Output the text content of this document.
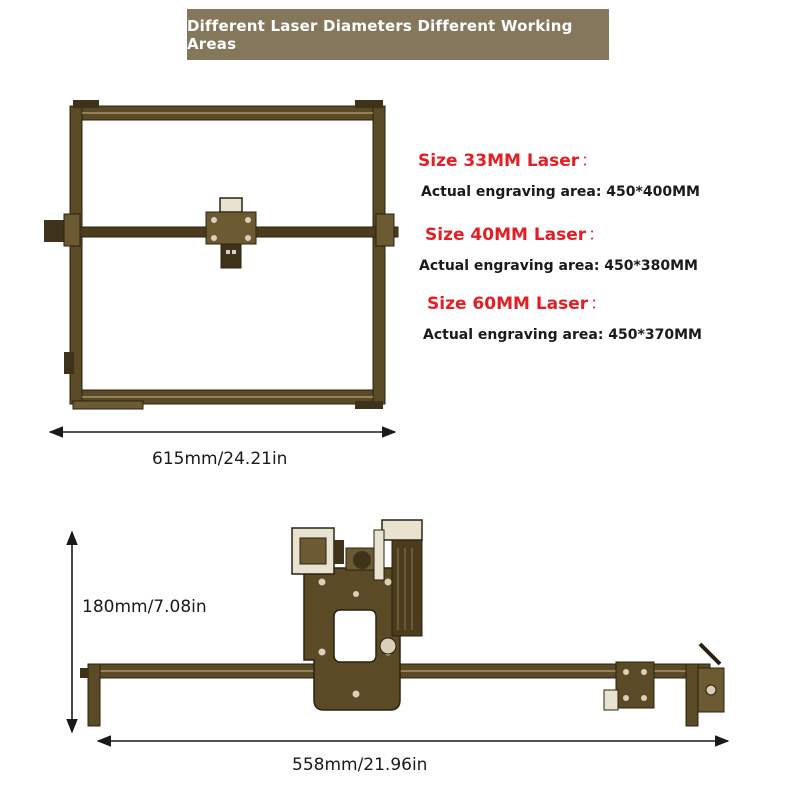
Different Laser Diameters Different Working Areas
Size 33MM Laser ：
Actual engraving area: 450*400MM
Size 40MM Laser ：
Actual engraving area: 450*380MM
Size 60MM Laser ：
Actual engraving area: 450*370MM
615mm/24.21in
180mm/7.08in
558mm/21.96in
